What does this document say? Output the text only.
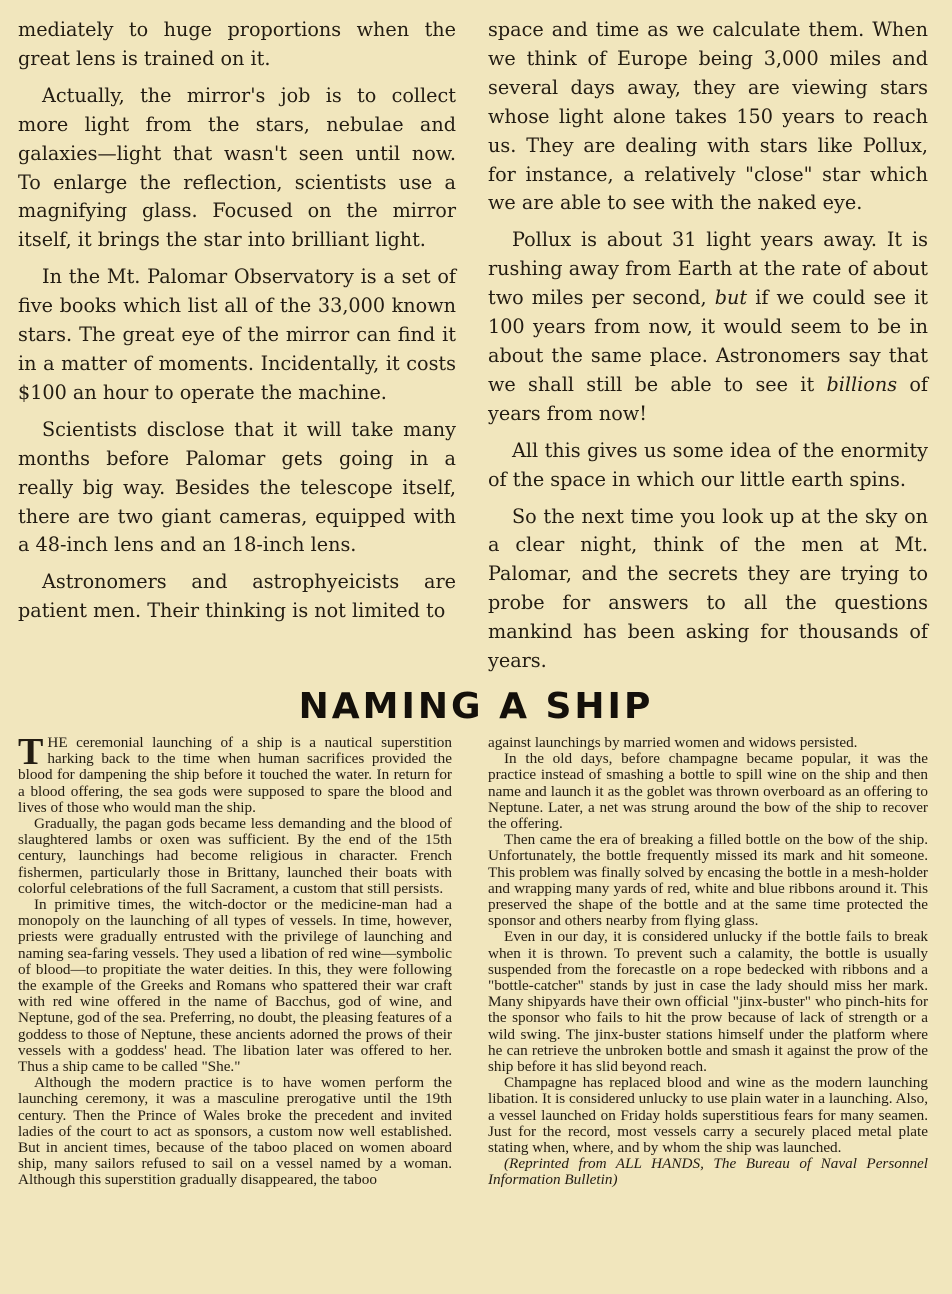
mediately to huge proportions when the great lens is trained on it.

Actually, the mirror's job is to collect more light from the stars, nebulae and galaxies—light that wasn't seen until now. To enlarge the reflection, scientists use a magnifying glass. Focused on the mirror itself, it brings the star into brilliant light.

In the Mt. Palomar Observatory is a set of five books which list all of the 33,000 known stars. The great eye of the mirror can find it in a matter of moments. Incidentally, it costs $100 an hour to operate the machine.

Scientists disclose that it will take many months before Palomar gets going in a really big way. Besides the telescope itself, there are two giant cameras, equipped with a 48-inch lens and an 18-inch lens.

Astronomers and astrophyeicists are patient men. Their thinking is not limited to

space and time as we calculate them. When we think of Europe being 3,000 miles and several days away, they are viewing stars whose light alone takes 150 years to reach us. They are dealing with stars like Pollux, for instance, a relatively "close" star which we are able to see with the naked eye.

Pollux is about 31 light years away. It is rushing away from Earth at the rate of about two miles per second, but if we could see it 100 years from now, it would seem to be in about the same place. Astronomers say that we shall still be able to see it billions of years from now!

All this gives us some idea of the enormity of the space in which our little earth spins.

So the next time you look up at the sky on a clear night, think of the men at Mt. Palomar, and the secrets they are trying to probe for answers to all the questions mankind has been asking for thousands of years.

NAMING A SHIP

THE ceremonial launching of a ship is a nautical superstition harking back to the time when human sacrifices provided the blood for dampening the ship before it touched the water. In return for a blood offering, the sea gods were supposed to spare the blood and lives of those who would man the ship.

Gradually, the pagan gods became less demanding and the blood of slaughtered lambs or oxen was sufficient. By the end of the 15th century, launchings had become religious in character. French fishermen, particularly those in Brittany, launched their boats with colorful celebrations of the full Sacrament, a custom that still persists.

In primitive times, the witch-doctor or the medicine-man had a monopoly on the launching of all types of vessels. In time, however, priests were gradually entrusted with the privilege of launching and naming sea-faring vessels. They used a libation of red wine—symbolic of blood—to propitiate the water deities. In this, they were following the example of the Greeks and Romans who spattered their war craft with red wine offered in the name of Bacchus, god of wine, and Neptune, god of the sea. Preferring, no doubt, the pleasing features of a goddess to those of Neptune, these ancients adorned the prows of their vessels with a goddess' head. The libation later was offered to her. Thus a ship came to be called "She."

Although the modern practice is to have women perform the launching ceremony, it was a masculine prerogative until the 19th century. Then the Prince of Wales broke the precedent and invited ladies of the court to act as sponsors, a custom now well established. But in ancient times, because of the taboo placed on women aboard ship, many sailors refused to sail on a vessel named by a woman. Although this superstition gradually disappeared, the taboo

against launchings by married women and widows persisted.

In the old days, before champagne became popular, it was the practice instead of smashing a bottle to spill wine on the ship and then name and launch it as the goblet was thrown overboard as an offering to Neptune. Later, a net was strung around the bow of the ship to recover the offering.

Then came the era of breaking a filled bottle on the bow of the ship. Unfortunately, the bottle frequently missed its mark and hit someone. This problem was finally solved by encasing the bottle in a mesh-holder and wrapping many yards of red, white and blue ribbons around it. This preserved the shape of the bottle and at the same time protected the sponsor and others nearby from flying glass.

Even in our day, it is considered unlucky if the bottle fails to break when it is thrown. To prevent such a calamity, the bottle is usually suspended from the forecastle on a rope bedecked with ribbons and a "bottle-catcher" stands by just in case the lady should miss her mark. Many shipyards have their own official "jinx-buster" who pinch-hits for the sponsor who fails to hit the prow because of lack of strength or a wild swing. The jinx-buster stations himself under the platform where he can retrieve the unbroken bottle and smash it against the prow of the ship before it has slid beyond reach.

Champagne has replaced blood and wine as the modern launching libation. It is considered unlucky to use plain water in a launching. Also, a vessel launched on Friday holds superstitious fears for many seamen. Just for the record, most vessels carry a securely placed metal plate stating when, where, and by whom the ship was launched.

(Reprinted from ALL HANDS, The Bureau of Naval Personnel Information Bulletin)
